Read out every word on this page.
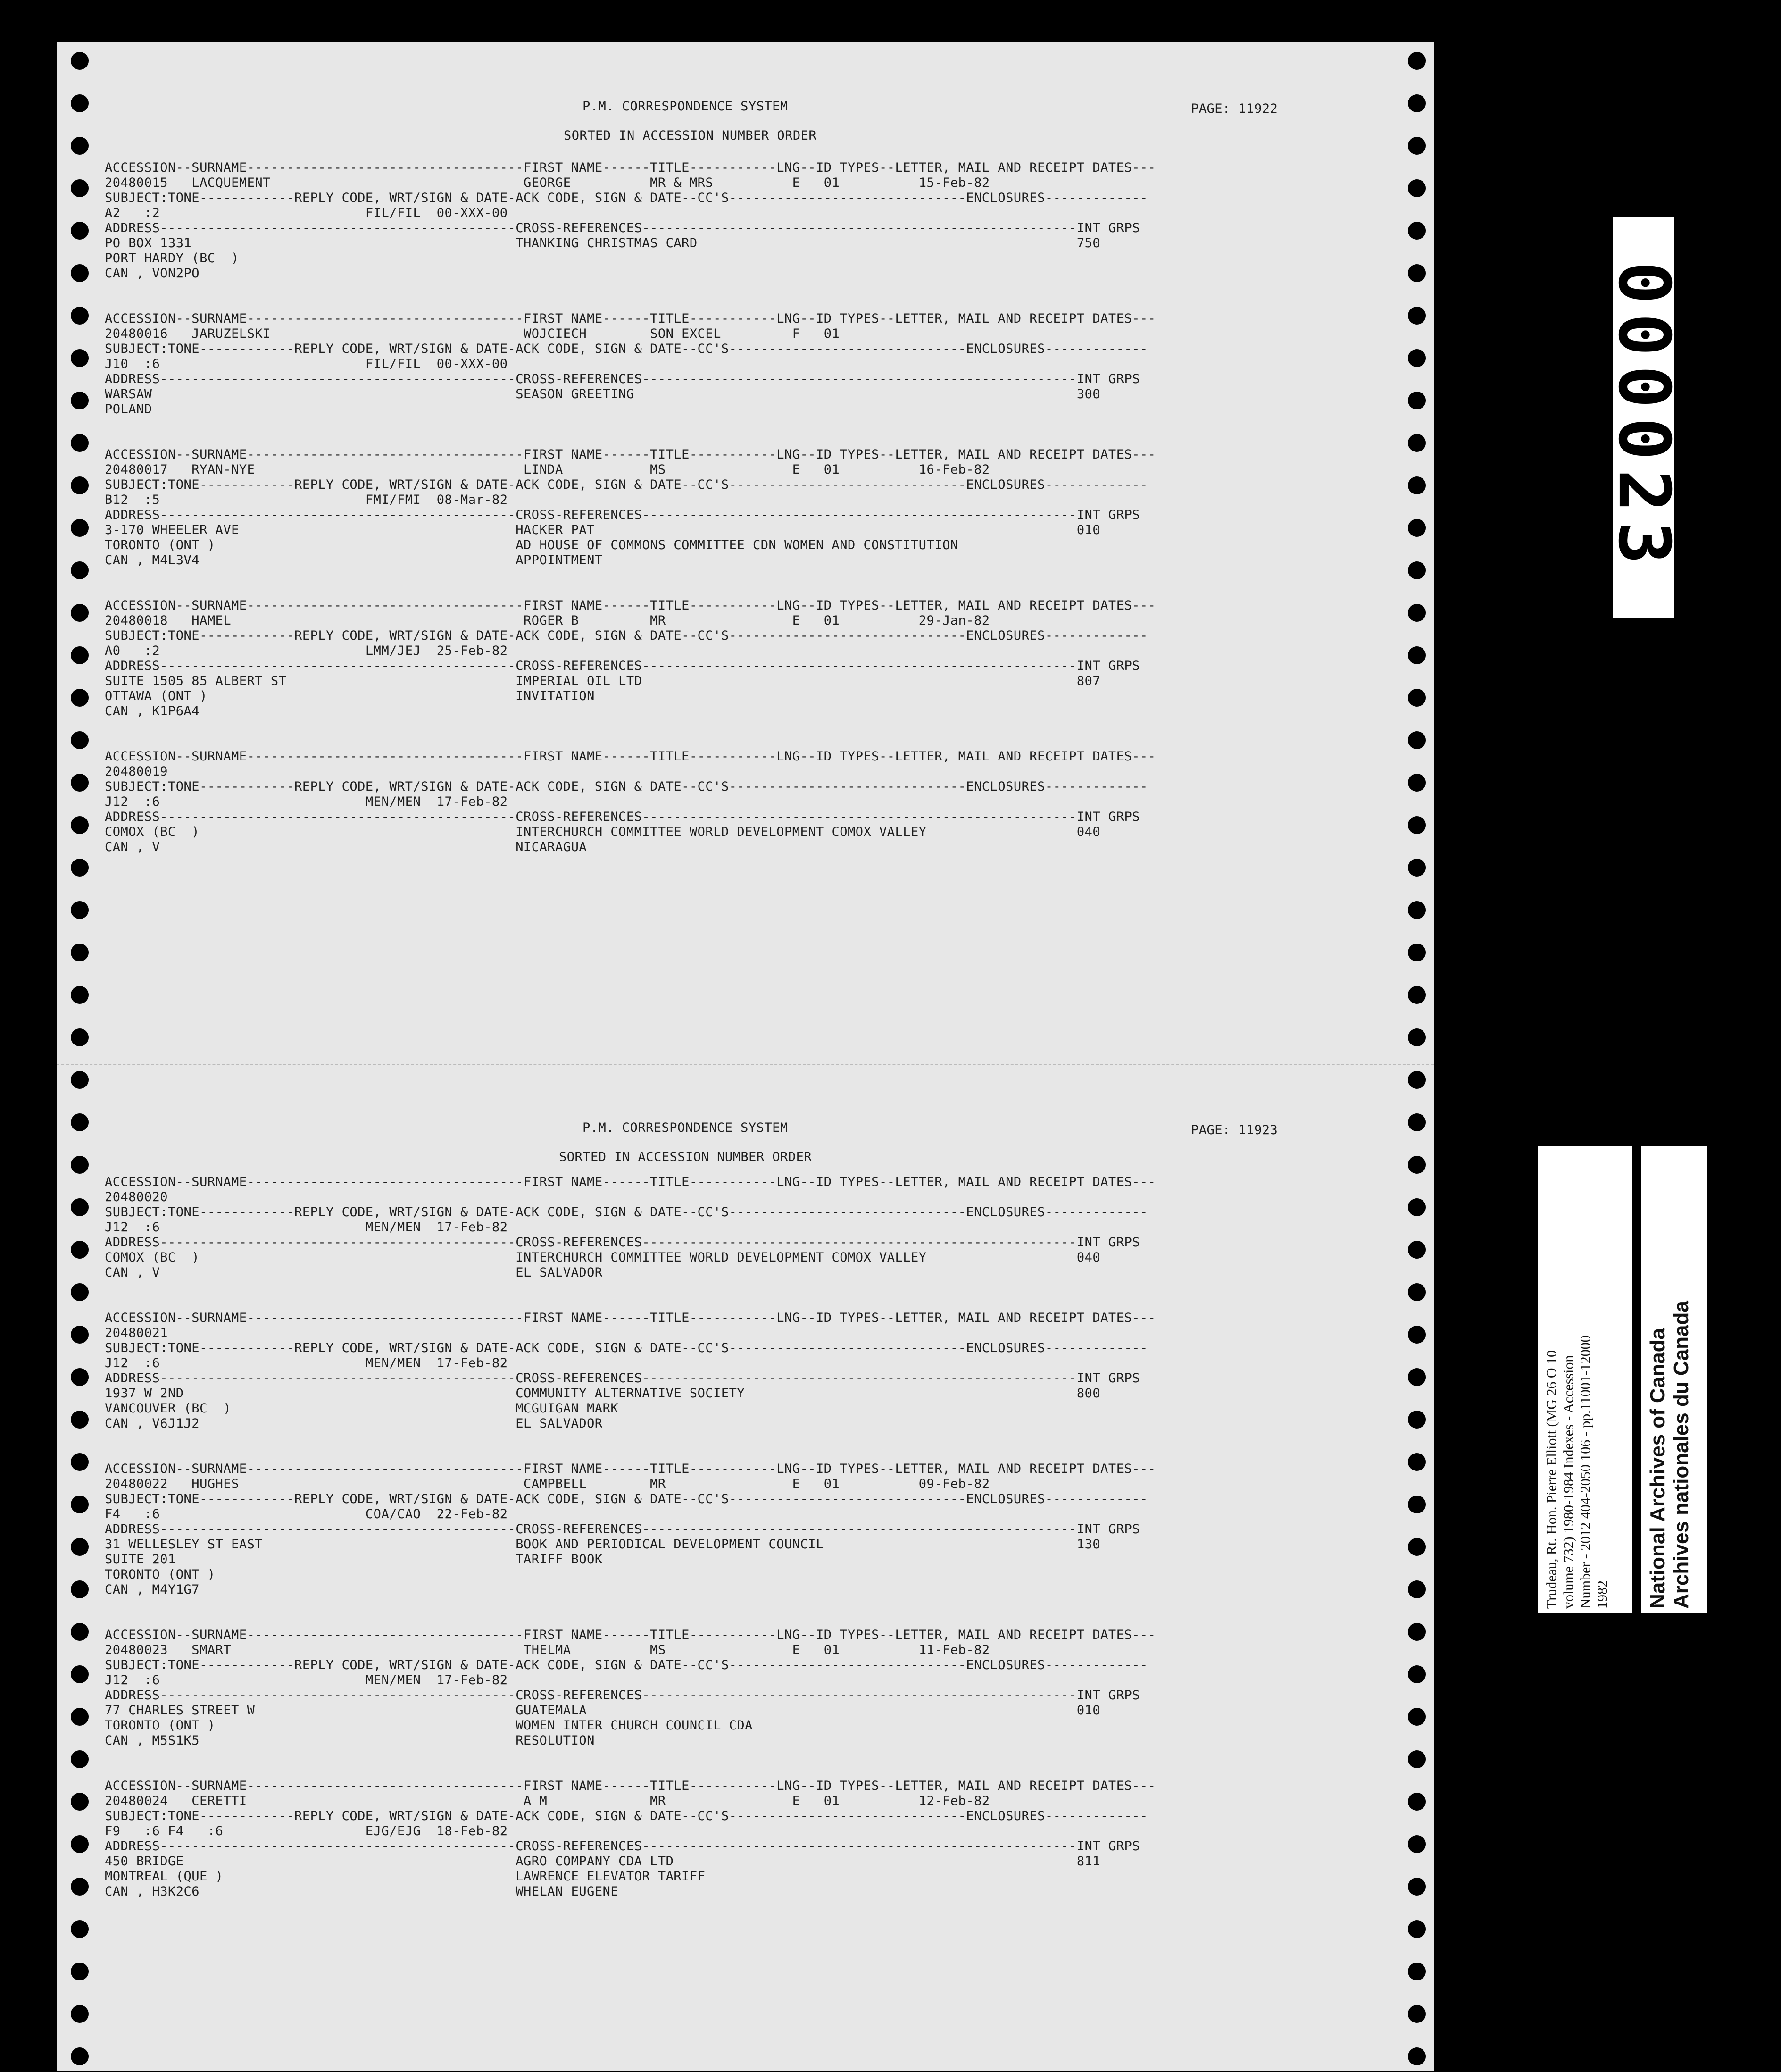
P.M. CORRESPONDENCE SYSTEM	PAGE: 11922
SORTED IN ACCESSION NUMBER ORDER
ACCESSION--SURNAME-----------------------------------FIRST NAME------TITLE-----------LNG--ID TYPES--LETTER, MAIL AND RECEIPT DATES---
20480015   LACQUEMENT                                GEORGE          MR & MRS          E   01          15-Feb-82
SUBJECT:TONE------------REPLY CODE, WRT/SIGN & DATE-ACK CODE, SIGN & DATE--CC'S------------------------------ENCLOSURES-------------
A2   :2                          FIL/FIL  00-XXX-00
ADDRESS---------------------------------------------CROSS-REFERENCES-------------------------------------------------------INT GRPS
PO BOX 1331                                         THANKING CHRISTMAS CARD                                                750
PORT HARDY (BC  )
CAN , VON2PO

ACCESSION--SURNAME-----------------------------------FIRST NAME------TITLE-----------LNG--ID TYPES--LETTER, MAIL AND RECEIPT DATES---
20480016   JARUZELSKI                                WOJCIECH        SON EXCEL         F   01
SUBJECT:TONE------------REPLY CODE, WRT/SIGN & DATE-ACK CODE, SIGN & DATE--CC'S------------------------------ENCLOSURES-------------
J10  :6                          FIL/FIL  00-XXX-00
ADDRESS---------------------------------------------CROSS-REFERENCES-------------------------------------------------------INT GRPS
WARSAW                                              SEASON GREETING                                                        300
POLAND

ACCESSION--SURNAME-----------------------------------FIRST NAME------TITLE-----------LNG--ID TYPES--LETTER, MAIL AND RECEIPT DATES---
20480017   RYAN-NYE                                  LINDA           MS                E   01          16-Feb-82
SUBJECT:TONE------------REPLY CODE, WRT/SIGN & DATE-ACK CODE, SIGN & DATE--CC'S------------------------------ENCLOSURES-------------
B12  :5                          FMI/FMI  08-Mar-82
ADDRESS---------------------------------------------CROSS-REFERENCES-------------------------------------------------------INT GRPS
3-170 WHEELER AVE                                   HACKER PAT                                                             010
TORONTO (ONT )                                      AD HOUSE OF COMMONS COMMITTEE CDN WOMEN AND CONSTITUTION
CAN , M4L3V4                                        APPOINTMENT

ACCESSION--SURNAME-----------------------------------FIRST NAME------TITLE-----------LNG--ID TYPES--LETTER, MAIL AND RECEIPT DATES---
20480018   HAMEL                                     ROGER B         MR                E   01          29-Jan-82
SUBJECT:TONE------------REPLY CODE, WRT/SIGN & DATE-ACK CODE, SIGN & DATE--CC'S------------------------------ENCLOSURES-------------
A0   :2                          LMM/JEJ  25-Feb-82
ADDRESS---------------------------------------------CROSS-REFERENCES-------------------------------------------------------INT GRPS
SUITE 1505 85 ALBERT ST                             IMPERIAL OIL LTD                                                       807
OTTAWA (ONT )                                       INVITATION
CAN , K1P6A4

ACCESSION--SURNAME-----------------------------------FIRST NAME------TITLE-----------LNG--ID TYPES--LETTER, MAIL AND RECEIPT DATES---
20480019
SUBJECT:TONE------------REPLY CODE, WRT/SIGN & DATE-ACK CODE, SIGN & DATE--CC'S------------------------------ENCLOSURES-------------
J12  :6                          MEN/MEN  17-Feb-82
ADDRESS---------------------------------------------CROSS-REFERENCES-------------------------------------------------------INT GRPS
COMOX (BC  )                                        INTERCHURCH COMMITTEE WORLD DEVELOPMENT COMOX VALLEY                   040
CAN , V                                             NICARAGUA
P.M. CORRESPONDENCE SYSTEM	PAGE: 11923
SORTED IN ACCESSION NUMBER ORDER
ACCESSION--SURNAME-----------------------------------FIRST NAME------TITLE-----------LNG--ID TYPES--LETTER, MAIL AND RECEIPT DATES---
20480020
SUBJECT:TONE------------REPLY CODE, WRT/SIGN & DATE-ACK CODE, SIGN & DATE--CC'S------------------------------ENCLOSURES-------------
J12  :6                          MEN/MEN  17-Feb-82
ADDRESS---------------------------------------------CROSS-REFERENCES-------------------------------------------------------INT GRPS
COMOX (BC  )                                        INTERCHURCH COMMITTEE WORLD DEVELOPMENT COMOX VALLEY                   040
CAN , V                                             EL SALVADOR

ACCESSION--SURNAME-----------------------------------FIRST NAME------TITLE-----------LNG--ID TYPES--LETTER, MAIL AND RECEIPT DATES---
20480021
SUBJECT:TONE------------REPLY CODE, WRT/SIGN & DATE-ACK CODE, SIGN & DATE--CC'S------------------------------ENCLOSURES-------------
J12  :6                          MEN/MEN  17-Feb-82
ADDRESS---------------------------------------------CROSS-REFERENCES-------------------------------------------------------INT GRPS
1937 W 2ND                                          COMMUNITY ALTERNATIVE SOCIETY                                          800
VANCOUVER (BC  )                                    MCGUIGAN MARK
CAN , V6J1J2                                        EL SALVADOR

ACCESSION--SURNAME-----------------------------------FIRST NAME------TITLE-----------LNG--ID TYPES--LETTER, MAIL AND RECEIPT DATES---
20480022   HUGHES                                    CAMPBELL        MR                E   01          09-Feb-82
SUBJECT:TONE------------REPLY CODE, WRT/SIGN & DATE-ACK CODE, SIGN & DATE--CC'S------------------------------ENCLOSURES-------------
F4   :6                          COA/CAO  22-Feb-82
ADDRESS---------------------------------------------CROSS-REFERENCES-------------------------------------------------------INT GRPS
31 WELLESLEY ST EAST                                BOOK AND PERIODICAL DEVELOPMENT COUNCIL                                130
SUITE 201                                           TARIFF BOOK
TORONTO (ONT )
CAN , M4Y1G7

ACCESSION--SURNAME-----------------------------------FIRST NAME------TITLE-----------LNG--ID TYPES--LETTER, MAIL AND RECEIPT DATES---
20480023   SMART                                     THELMA          MS                E   01          11-Feb-82
SUBJECT:TONE------------REPLY CODE, WRT/SIGN & DATE-ACK CODE, SIGN & DATE--CC'S------------------------------ENCLOSURES-------------
J12  :6                          MEN/MEN  17-Feb-82
ADDRESS---------------------------------------------CROSS-REFERENCES-------------------------------------------------------INT GRPS
77 CHARLES STREET W                                 GUATEMALA                                                              010
TORONTO (ONT )                                      WOMEN INTER CHURCH COUNCIL CDA
CAN , M5S1K5                                        RESOLUTION

ACCESSION--SURNAME-----------------------------------FIRST NAME------TITLE-----------LNG--ID TYPES--LETTER, MAIL AND RECEIPT DATES---
20480024   CERETTI                                   A M             MR                E   01          12-Feb-82
SUBJECT:TONE------------REPLY CODE, WRT/SIGN & DATE-ACK CODE, SIGN & DATE--CC'S------------------------------ENCLOSURES-------------
F9   :6 F4   :6                  EJG/EJG  18-Feb-82
ADDRESS---------------------------------------------CROSS-REFERENCES-------------------------------------------------------INT GRPS
450 BRIDGE                                          AGRO COMPANY CDA LTD                                                   811
MONTREAL (QUE )                                     LAWRENCE ELEVATOR TARIFF
CAN , H3K2C6                                        WHELAN EUGENE
000023
Trudeau, Rt. Hon. Pierre Elliott (MG 26 O 10 volume 732) 1980-1984 Indexes - Accession Number - 2012 404-2050 106 - pp.11001-12000 1982 National Archives of Canada Archives nationales du Canada
